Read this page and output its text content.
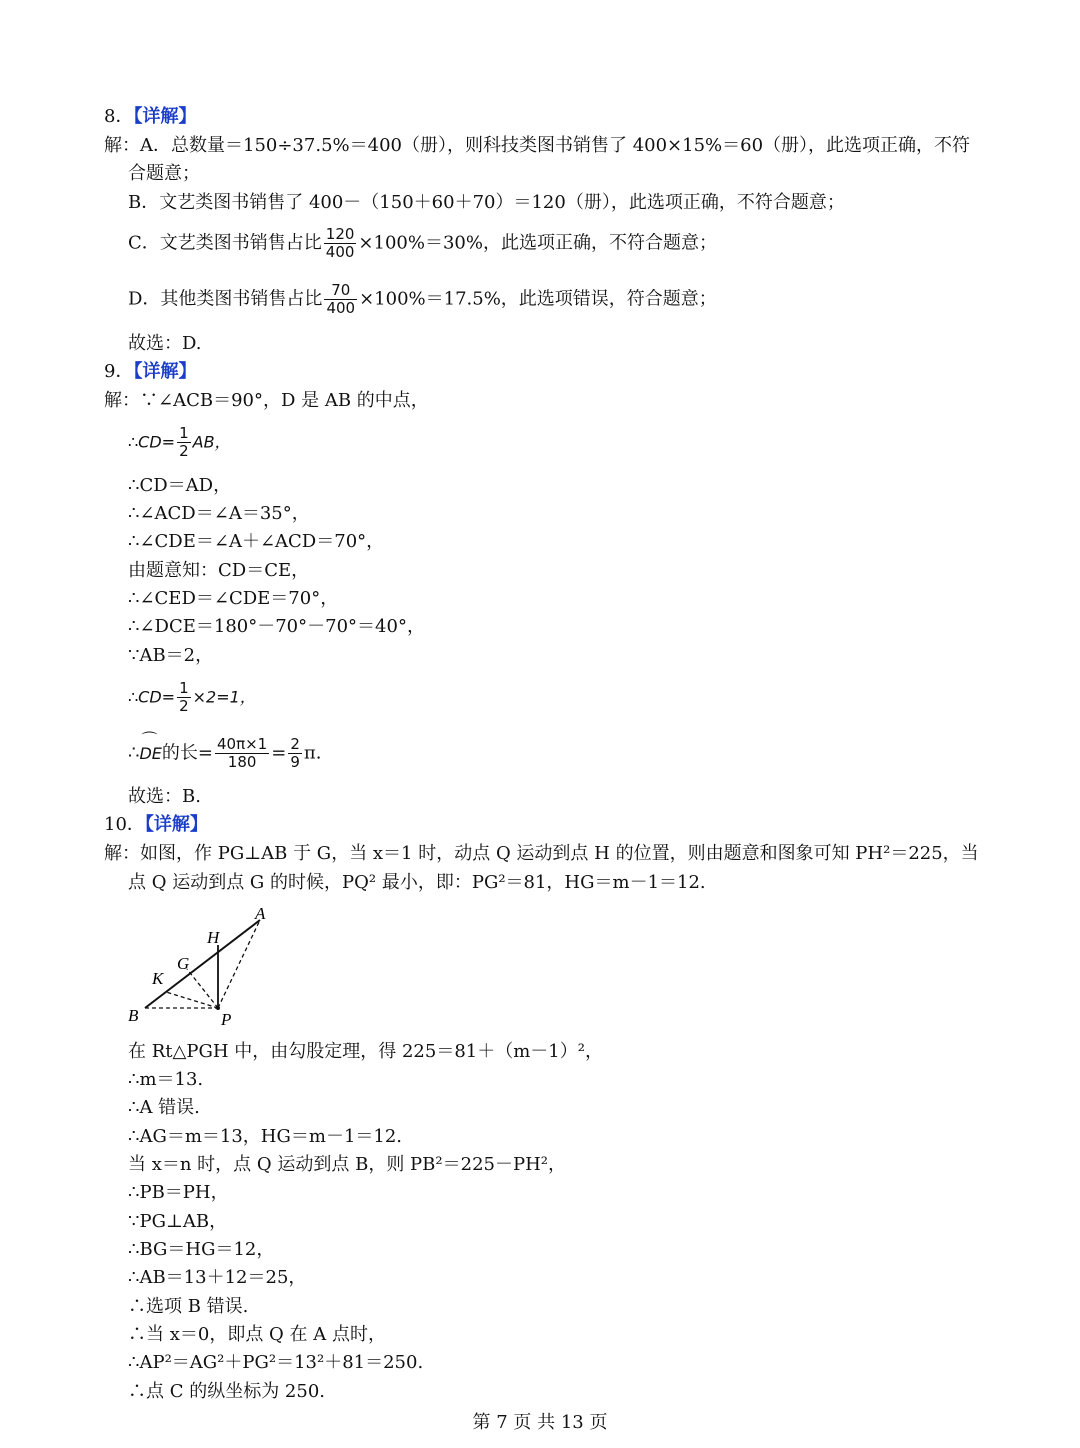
8．【详解】
解：A．总数量＝150÷37.5%＝400（册），则科技类图书销售了 400×15%＝60（册），此选项正确，不符
合题意；
B．文艺类图书销售了 400－（150＋60＋70）＝120（册），此选项正确，不符合题意；
C．文艺类图书销售占比 $\frac{120}{400} \times 100\%=30\%$，此选项正确，不符合题意；
D．其他类图书销售占比 $\frac{70}{400} \times 100\%=17.5\%$，此选项错误，符合题意；
故选：D.
9．【详解】
解：∵∠ACB＝90°，D 是 AB 的中点，
∴CD= $\frac{1}{2}$ AB，
∴CD＝AD，
∴∠ACD＝∠A＝35°，
∴∠CDE＝∠A＋∠ACD＝70°，
由题意知：CD＝CE，
∴∠CED＝∠CDE＝70°，
∴∠DCE＝180°－70°－70°＝40°，
∵AB＝2，
∴CD= $\frac{1}{2} \times 2=1$，
∴⌒ DE的长= $\frac{40\pi\times 1}{180} = \frac{2}{9} \pi$.
故选：B.
10．【详解】
解：如图，作 PG⊥AB 于 G，当 x＝1 时，动点 Q 运动到点 H 的位置，则由题意和图象可知 PH²＝225，当
点 Q 运动到点 G 的时候，PQ² 最小，即：PG²＝81，HG＝m－1＝12.
A
H
G
K
B	P
在 Rt△PGH 中，由勾股定理，得 225＝81＋（m－1）²，
∴m＝13.
∴A 错误.
∴AG＝m＝13，HG＝m－1＝12.
当 x＝n 时，点 Q 运动到点 B，则 PB²＝225－PH²，
∴PB＝PH，
∵PG⊥AB，
∴BG＝HG＝12，
∴AB＝13＋12＝25，
∴选项 B 错误.
∴当 x＝0，即点 Q 在 A 点时，
∴AP²＝AG²＋PG²＝13²＋81＝250.
∴点 C 的纵坐标为 250.
第 7 页 共 13 页
